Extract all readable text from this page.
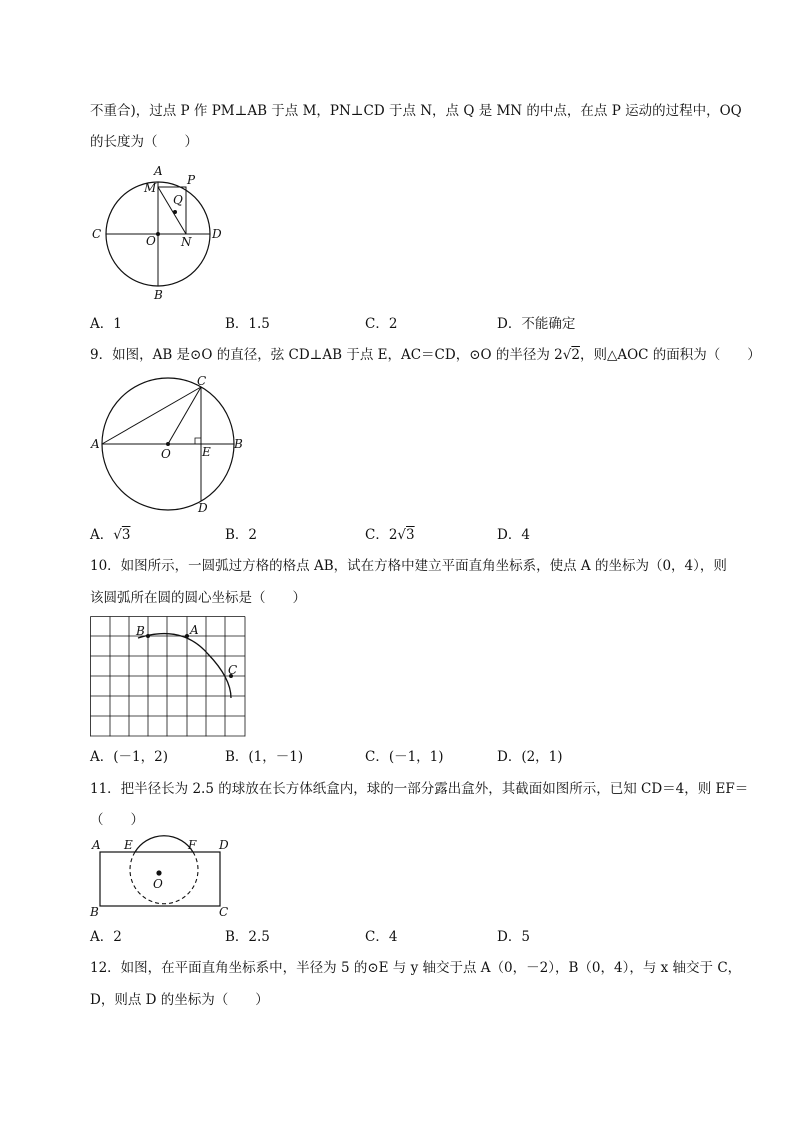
不重合)，过点 P 作 PM⊥AB 于点 M，PN⊥CD 于点 N，点 Q 是 MN 的中点，在点 P 运动的过程中，OQ
的长度为（　　）
A
M
P
Q
C	O N
D
B
A．1	B．1.5	C．2	D．不能确定
9．如图，AB 是⊙O 的直径，弦 CD⊥AB 于点 E，AC＝CD，⊙O 的半径为 2√2，则△AOC 的面积为（　　）
C
A
O	E
B
D
A．√3	B．2	C．2√3	D．4
10．如图所示，一圆弧过方格的格点 AB，试在方格中建立平面直角坐标系，使点 A 的坐标为（0，4），则
该圆弧所在圆的圆心坐标是（　　）
B	A
C
A．(－1，2)	B．(1，－1)	C．(－1，1)	D．(2，1)
11．把半径长为 2.5 的球放在长方体纸盒内，球的一部分露出盒外，其截面如图所示，已知 CD＝4，则 EF＝
（　　）
A E	F D
O
B	C
A．2	B．2.5	C．4	D．5
12．如图，在平面直角坐标系中，半径为 5 的⊙E 与 y 轴交于点 A（0，－2），B（0，4），与 x 轴交于 C，
D，则点 D 的坐标为（　　）
